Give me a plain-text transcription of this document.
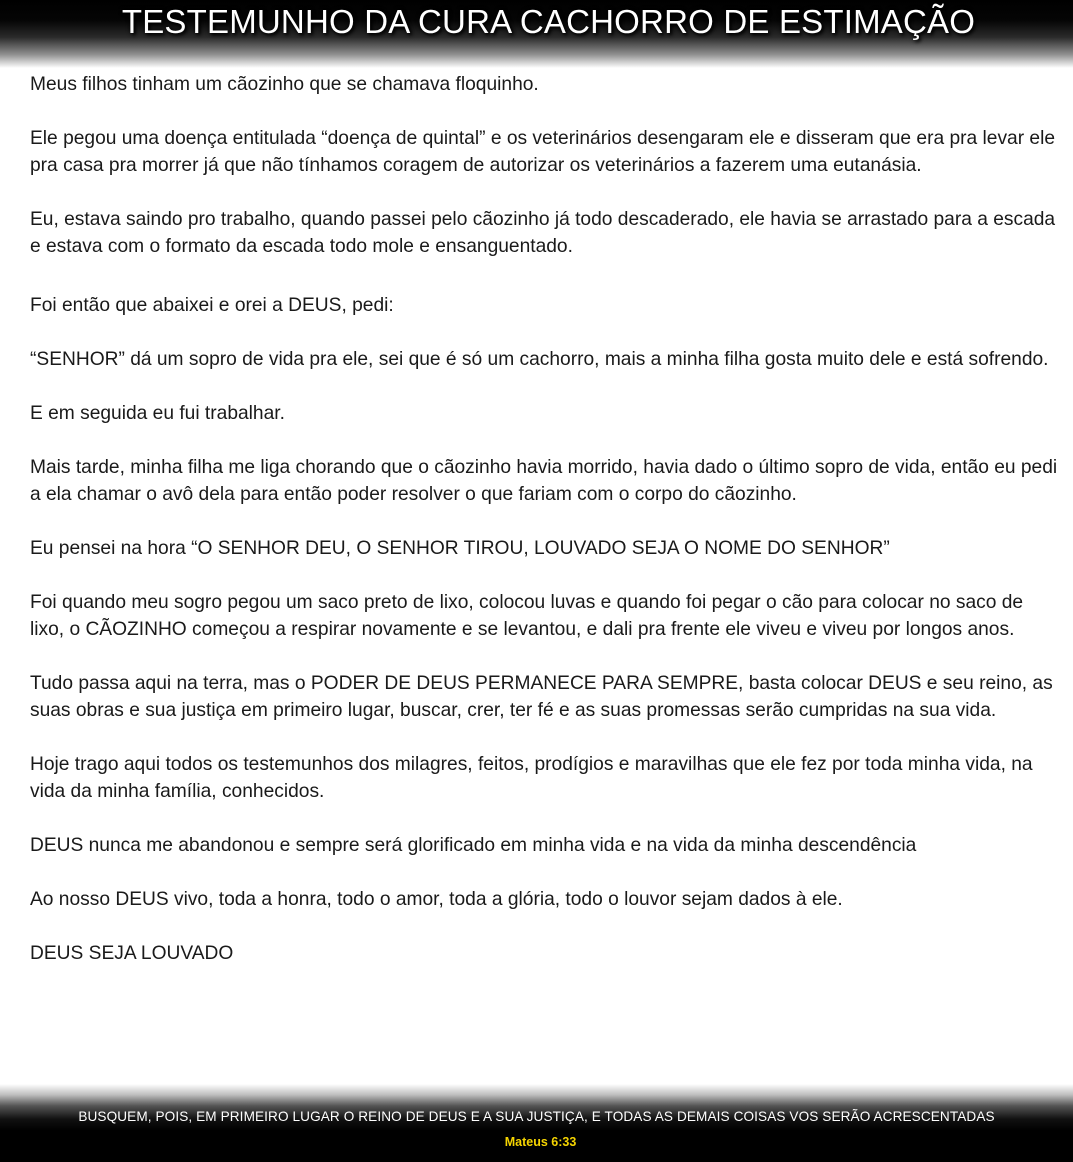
TESTEMUNHO DA CURA CACHORRO DE ESTIMAÇÃO

Meus filhos tinham um cãozinho que se chamava floquinho.

Ele pegou uma doença entitulada “doença de quintal” e os veterinários desengaram ele e disseram que era pra levar ele pra casa pra morrer já que não tínhamos coragem de autorizar os veterinários a fazerem uma eutanásia.

Eu, estava saindo pro trabalho, quando passei pelo cãozinho já todo descaderado, ele havia se arrastado para a escada e estava com o formato da escada todo mole e ensanguentado.

Foi então que abaixei e orei a DEUS, pedi:

“SENHOR” dá um sopro de vida pra ele, sei que é só um cachorro, mais a minha filha gosta muito dele e está sofrendo.

E em seguida eu fui trabalhar.

Mais tarde, minha filha me liga chorando que o cãozinho havia morrido, havia dado o último sopro de vida, então eu pedi a ela chamar o avô dela para então poder resolver o que fariam com o corpo do cãozinho.

Eu pensei na hora “O SENHOR DEU, O SENHOR TIROU, LOUVADO SEJA O NOME DO SENHOR”

Foi quando meu sogro pegou um saco preto de lixo, colocou luvas e quando foi pegar o cão para colocar no saco de lixo, o CÃOZINHO começou a respirar novamente e se levantou, e dali pra frente ele viveu e viveu por longos anos.

Tudo passa aqui na terra, mas o PODER DE DEUS PERMANECE PARA SEMPRE, basta colocar DEUS e seu reino, as suas obras e sua justiça em primeiro lugar, buscar, crer, ter fé e as suas promessas serão cumpridas na sua vida.

Hoje trago aqui todos os testemunhos dos milagres, feitos, prodígios e maravilhas que ele fez por toda minha vida, na vida da minha família, conhecidos.

DEUS nunca me abandonou e sempre será glorificado em minha vida e na vida da minha descendência

Ao nosso DEUS vivo, toda a honra, todo o amor, toda a glória, todo o louvor sejam dados à ele.

DEUS SEJA LOUVADO

BUSQUEM, POIS, EM PRIMEIRO LUGAR O REINO DE DEUS E A SUA JUSTIÇA, E TODAS AS DEMAIS COISAS VOS SERÃO ACRESCENTADAS
Mateus 6:33
